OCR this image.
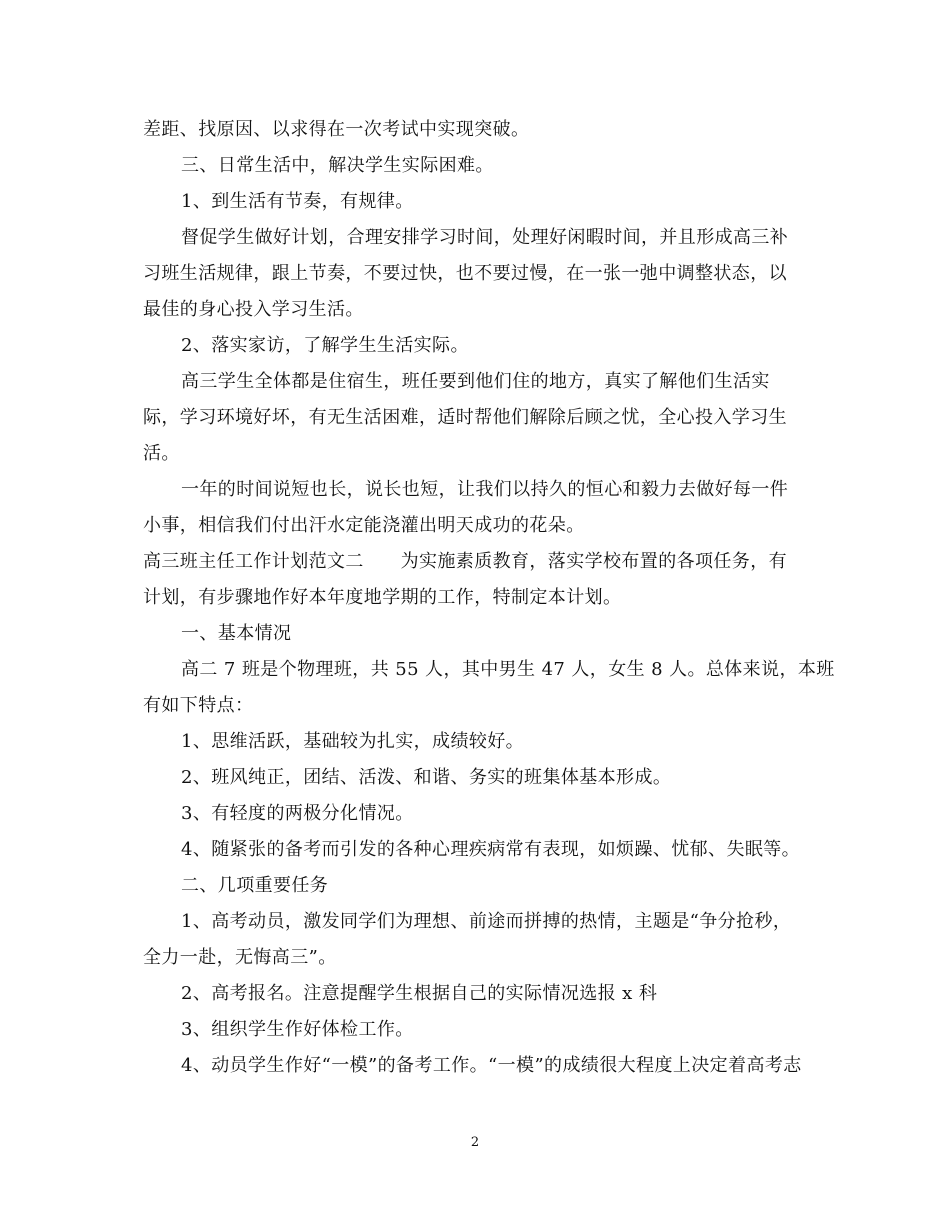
差距、找原因、以求得在一次考试中实现突破。
三、日常生活中，解决学生实际困难。
1、到生活有节奏，有规律。
督促学生做好计划，合理安排学习时间，处理好闲暇时间，并且形成高三补
习班生活规律，跟上节奏，不要过快，也不要过慢，在一张一弛中调整状态，以
最佳的身心投入学习生活。
2、落实家访，了解学生生活实际。
高三学生全体都是住宿生，班任要到他们住的地方，真实了解他们生活实
际，学习环境好坏，有无生活困难，适时帮他们解除后顾之忧，全心投入学习生
活。
一年的时间说短也长，说长也短，让我们以持久的恒心和毅力去做好每一件
小事，相信我们付出汗水定能浇灌出明天成功的花朵。
高三班主任工作计划范文二　　为实施素质教育，落实学校布置的各项任务，有
计划，有步骤地作好本年度地学期的工作，特制定本计划。
一、基本情况
高二 7 班是个物理班，共 55 人，其中男生 47 人，女生 8 人。总体来说，本班
有如下特点：
1、思维活跃，基础较为扎实，成绩较好。
2、班风纯正，团结、活泼、和谐、务实的班集体基本形成。
3、有轻度的两极分化情况。
4、随紧张的备考而引发的各种心理疾病常有表现，如烦躁、忧郁、失眠等。
二、几项重要任务
1、高考动员，激发同学们为理想、前途而拼搏的热情，主题是“争分抢秒，
全力一赴，无悔高三”。
2、高考报名。注意提醒学生根据自己的实际情况选报 x 科
3、组织学生作好体检工作。
4、动员学生作好“一模”的备考工作。“一模”的成绩很大程度上决定着高考志
2
